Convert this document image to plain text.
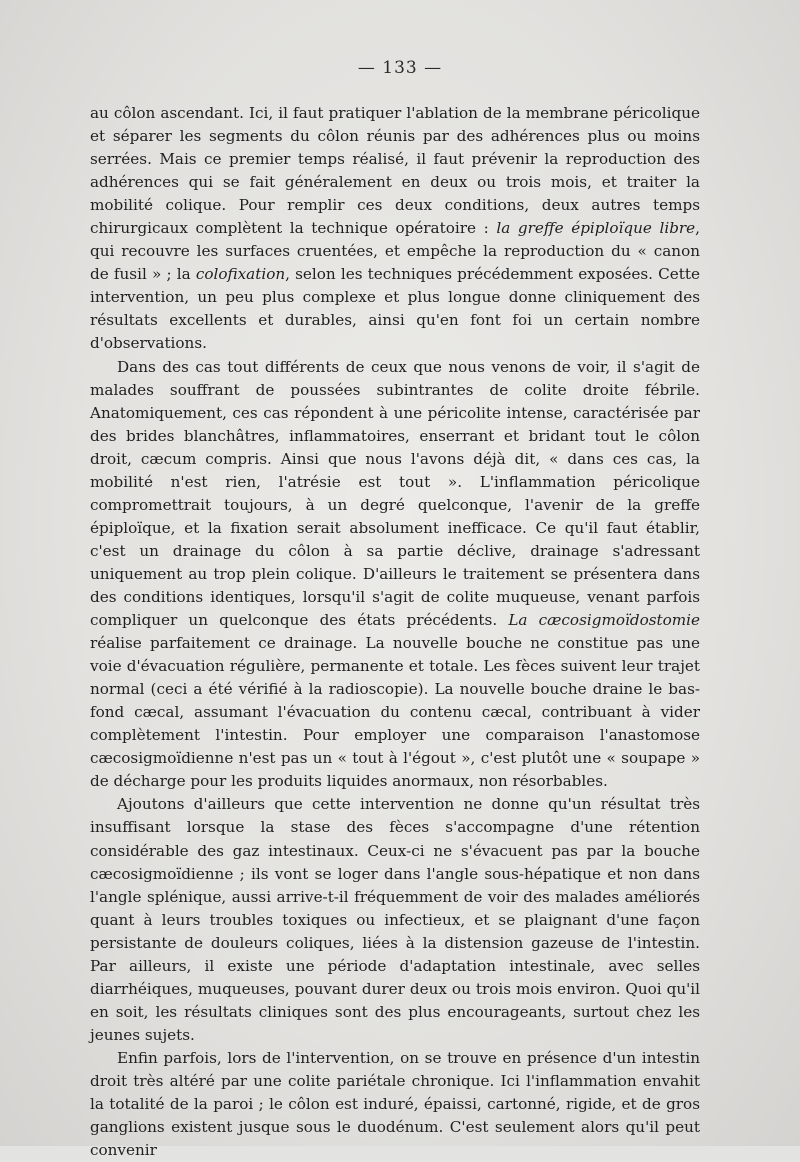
— 133 —

au côlon ascendant. Ici, il faut pratiquer l'ablation de la membrane péricolique et séparer les segments du côlon réunis par des adhérences plus ou moins serrées. Mais ce premier temps réalisé, il faut prévenir la reproduction des adhérences qui se fait généralement en deux ou trois mois, et traiter la mobilité colique. Pour remplir ces deux conditions, deux autres temps chirurgicaux complètent la technique opératoire : la greffe épiploïque libre, qui recouvre les surfaces cruentées, et empêche la reproduction du « canon de fusil » ; la colofixation, selon les techniques précédemment exposées. Cette intervention, un peu plus complexe et plus longue donne cliniquement des résultats excellents et durables, ainsi qu'en font foi un certain nombre d'observations.

Dans des cas tout différents de ceux que nous venons de voir, il s'agit de malades souffrant de poussées subintrantes de colite droite fébrile. Anatomiquement, ces cas répondent à une péricolite intense, caractérisée par des brides blanchâtres, inflammatoires, enserrant et bridant tout le côlon droit, cæcum compris. Ainsi que nous l'avons déjà dit, « dans ces cas, la mobilité n'est rien, l'atrésie est tout ». L'inflammation péricolique compromettrait toujours, à un degré quelconque, l'avenir de la greffe épiploïque, et la fixation serait absolument inefficace. Ce qu'il faut établir, c'est un drainage du côlon à sa partie déclive, drainage s'adressant uniquement au trop plein colique. D'ailleurs le traitement se présentera dans des conditions identiques, lorsqu'il s'agit de colite muqueuse, venant parfois compliquer un quelconque des états précédents. La cæcosigmoïdostomie réalise parfaitement ce drainage. La nouvelle bouche ne constitue pas une voie d'évacuation régulière, permanente et totale. Les fèces suivent leur trajet normal (ceci a été vérifié à la radioscopie). La nouvelle bouche draine le bas-fond cæcal, assumant l'évacuation du contenu cæcal, contribuant à vider complètement l'intestin. Pour employer une comparaison l'anastomose cæcosigmoïdienne n'est pas un « tout à l'égout », c'est plutôt une « soupape » de décharge pour les produits liquides anormaux, non résorbables.

Ajoutons d'ailleurs que cette intervention ne donne qu'un résultat très insuffisant lorsque la stase des fèces s'accompagne d'une rétention considérable des gaz intestinaux. Ceux-ci ne s'évacuent pas par la bouche cæcosigmoïdienne ; ils vont se loger dans l'angle sous-hépatique et non dans l'angle splénique, aussi arrive-t-il fréquemment de voir des malades améliorés quant à leurs troubles toxiques ou infectieux, et se plaignant d'une façon persistante de douleurs coliques, liées à la distension gazeuse de l'intestin. Par ailleurs, il existe une période d'adaptation intestinale, avec selles diarrhéiques, muqueuses, pouvant durer deux ou trois mois environ. Quoi qu'il en soit, les résultats cliniques sont des plus encourageants, surtout chez les jeunes sujets.

Enfin parfois, lors de l'intervention, on se trouve en présence d'un intestin droit très altéré par une colite pariétale chronique. Ici l'inflammation envahit la totalité de la paroi ; le côlon est induré, épaissi, cartonné, rigide, et de gros ganglions existent jusque sous le duodénum. C'est seulement alors qu'il peut convenir
